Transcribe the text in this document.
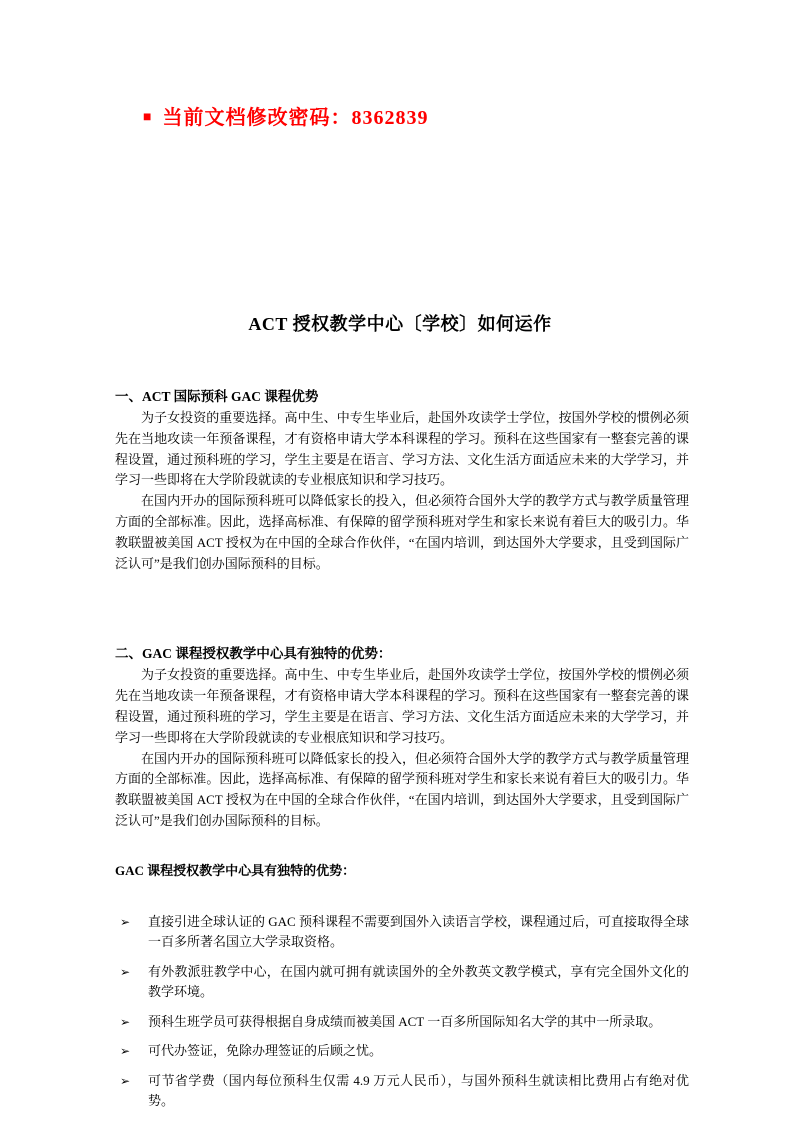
■ 当前文档修改密码：8362839
ACT 授权教学中心〔学校〕如何运作
一、ACT 国际预科 GAC 课程优势

为子女投资的重要选择。高中生、中专生毕业后，赴国外攻读学士学位，按国外学校的惯例必须先在当地攻读一年预备课程，才有资格申请大学本科课程的学习。预科在这些国家有一整套完善的课程设置，通过预科班的学习，学生主要是在语言、学习方法、文化生活方面适应未来的大学学习，并学习一些即将在大学阶段就读的专业根底知识和学习技巧。

在国内开办的国际预科班可以降低家长的投入，但必须符合国外大学的教学方式与教学质量管理方面的全部标准。因此，选择高标准、有保障的留学预科班对学生和家长来说有着巨大的吸引力。华教联盟被美国 ACT 授权为在中国的全球合作伙伴，“在国内培训，到达国外大学要求，且受到国际广泛认可”是我们创办国际预科的目标。

二、GAC 课程授权教学中心具有独特的优势：

为子女投资的重要选择。高中生、中专生毕业后，赴国外攻读学士学位，按国外学校的惯例必须先在当地攻读一年预备课程，才有资格申请大学本科课程的学习。预科在这些国家有一整套完善的课程设置，通过预科班的学习，学生主要是在语言、学习方法、文化生活方面适应未来的大学学习，并学习一些即将在大学阶段就读的专业根底知识和学习技巧。

在国内开办的国际预科班可以降低家长的投入，但必须符合国外大学的教学方式与教学质量管理方面的全部标准。因此，选择高标准、有保障的留学预科班对学生和家长来说有着巨大的吸引力。华教联盟被美国 ACT 授权为在中国的全球合作伙伴，“在国内培训，到达国外大学要求，且受到国际广泛认可”是我们创办国际预科的目标。

GAC 课程授权教学中心具有独特的优势：
➢	直接引进全球认证的 GAC 预科课程不需要到国外入读语言学校，课程通过后，可直接取得全球一百多所著名国立大学录取资格。
➢	有外教派驻教学中心，在国内就可拥有就读国外的全外教英文教学模式，享有完全国外文化的教学环境。
➢	预科生班学员可获得根据自身成绩而被美国 ACT 一百多所国际知名大学的其中一所录取。
➢	可代办签证，免除办理签证的后顾之忧。
➢	可节省学费（国内每位预科生仅需 4.9 万元人民币），与国外预科生就读相比费用占有绝对优势。
